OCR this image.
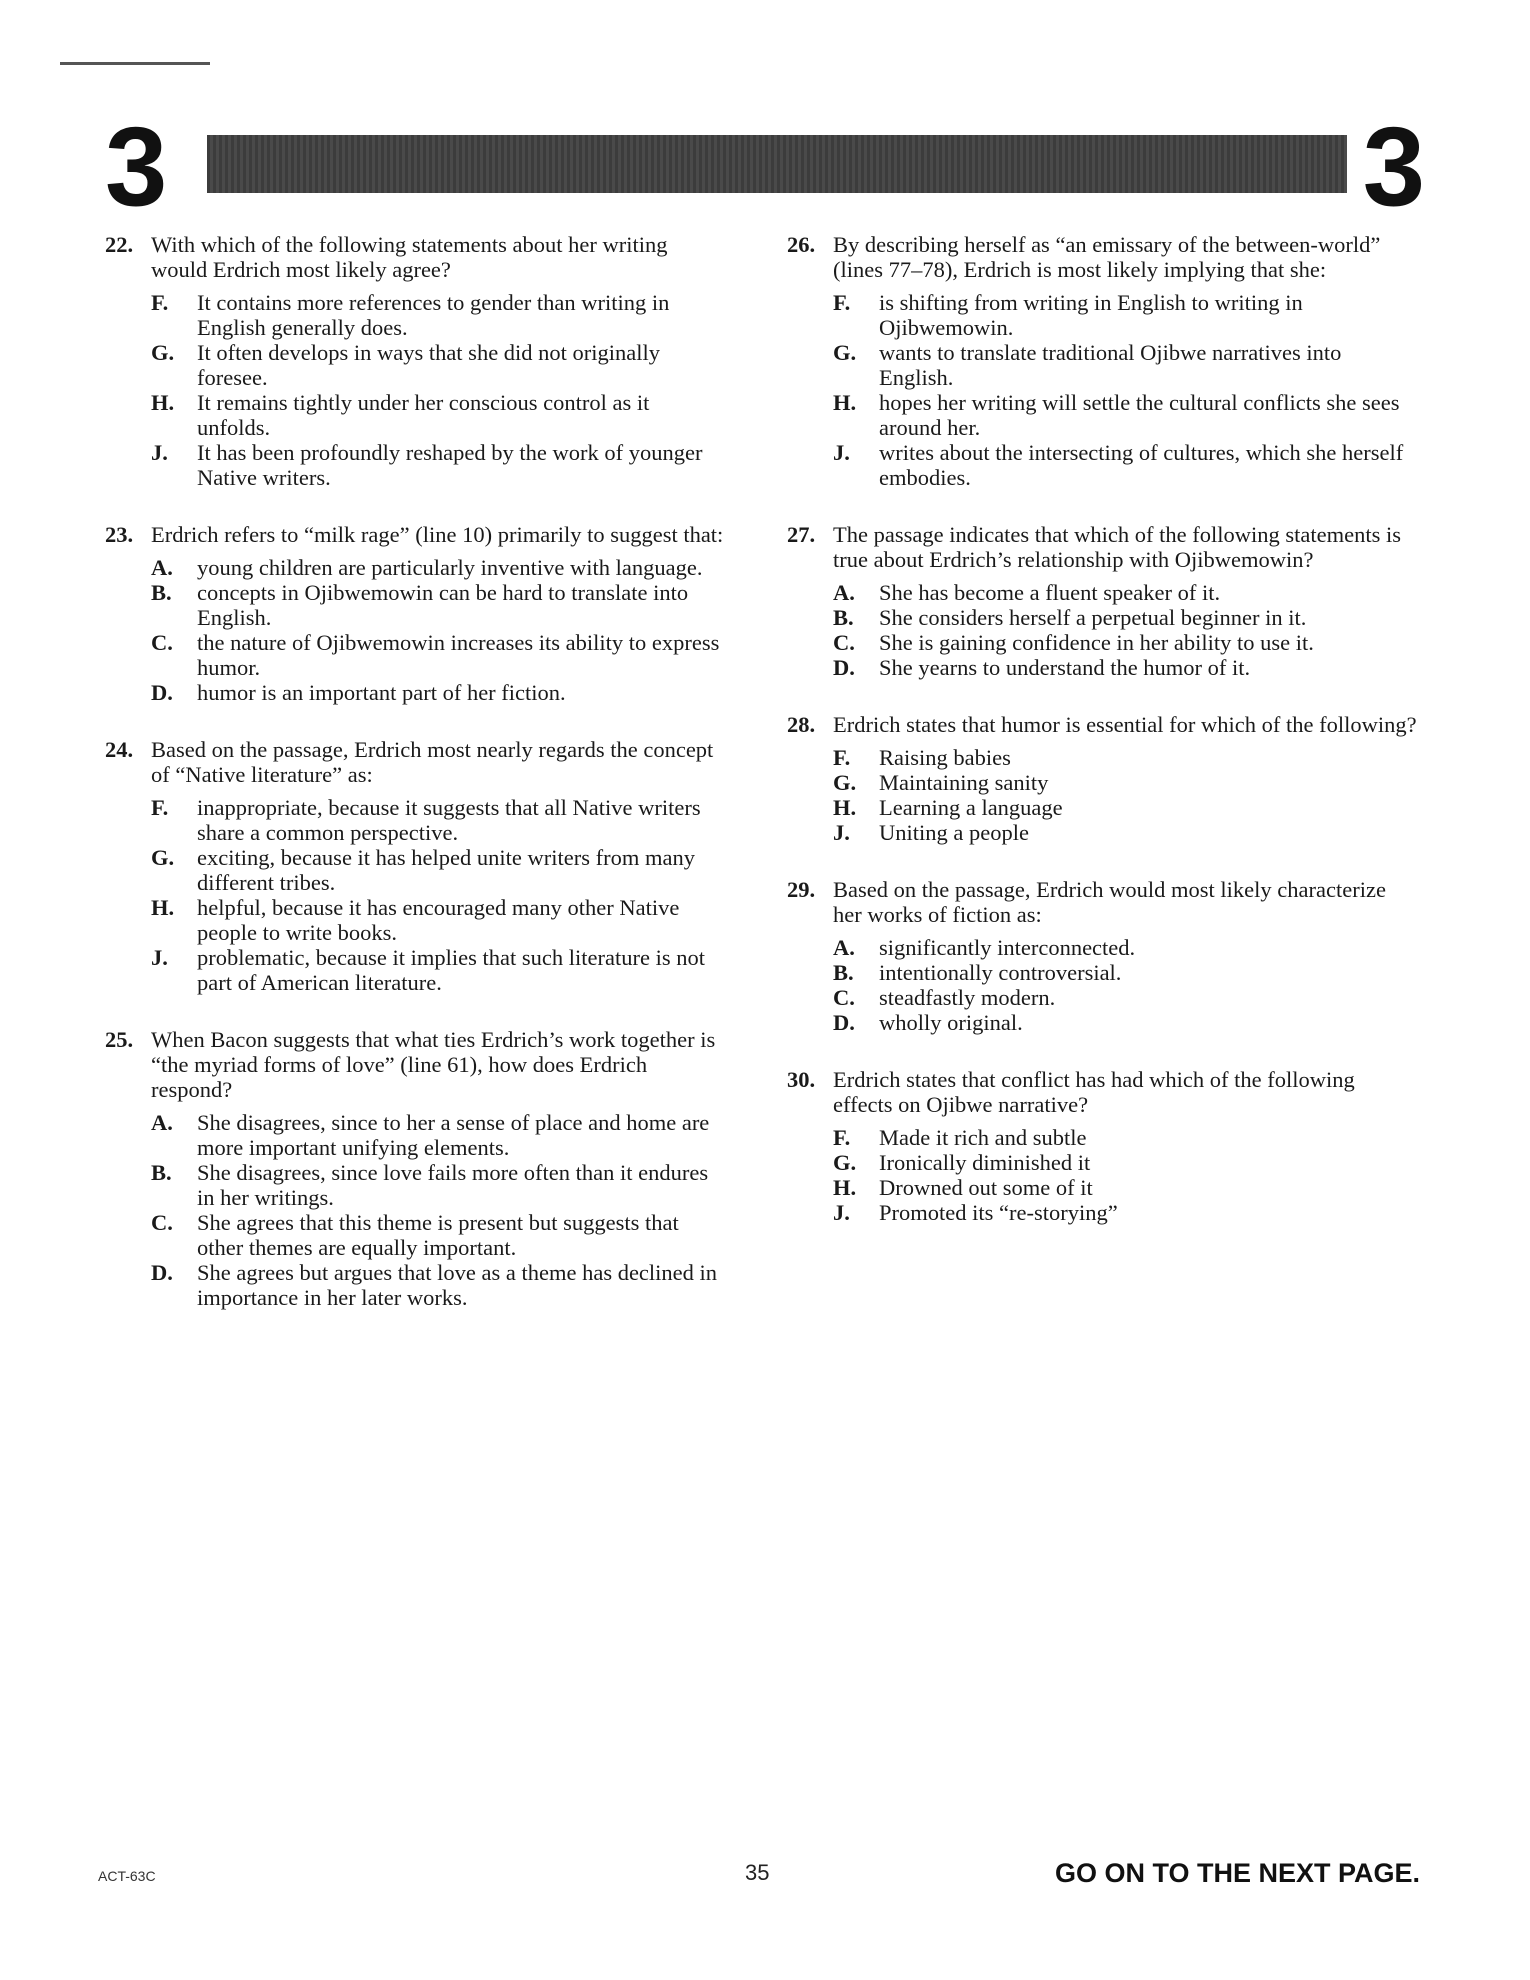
3	3
22. With which of the following statements about her writing would Erdrich most likely agree?
F.	It contains more references to gender than writing in English generally does.
G.	It often develops in ways that she did not originally foresee.
H.	It remains tightly under her conscious control as it unfolds.
J.	It has been profoundly reshaped by the work of younger Native writers.
23. Erdrich refers to “milk rage” (line 10) primarily to suggest that:
A.	young children are particularly inventive with language.
B.	concepts in Ojibwemowin can be hard to translate into English.
C.	the nature of Ojibwemowin increases its ability to express humor.
D.	humor is an important part of her fiction.
24. Based on the passage, Erdrich most nearly regards the concept of “Native literature” as:
F.	inappropriate, because it suggests that all Native writers share a common perspective.
G.	exciting, because it has helped unite writers from many different tribes.
H.	helpful, because it has encouraged many other Native people to write books.
J.	problematic, because it implies that such literature is not part of American literature.
25. When Bacon suggests that what ties Erdrich’s work together is “the myriad forms of love” (line 61), how does Erdrich respond?
A.	She disagrees, since to her a sense of place and home are more important unifying elements.
B.	She disagrees, since love fails more often than it endures in her writings.
C.	She agrees that this theme is present but suggests that other themes are equally important.
D.	She agrees but argues that love as a theme has declined in importance in her later works.
26. By describing herself as “an emissary of the between-world” (lines 77–78), Erdrich is most likely implying that she:
F.	is shifting from writing in English to writing in Ojibwemowin.
G.	wants to translate traditional Ojibwe narratives into English.
H.	hopes her writing will settle the cultural conflicts she sees around her.
J.	writes about the intersecting of cultures, which she herself embodies.
27. The passage indicates that which of the following statements is true about Erdrich’s relationship with Ojibwemowin?
A.	She has become a fluent speaker of it.
B.	She considers herself a perpetual beginner in it.
C.	She is gaining confidence in her ability to use it.
D.	She yearns to understand the humor of it.
28. Erdrich states that humor is essential for which of the following?
F.	Raising babies
G.	Maintaining sanity
H.	Learning a language
J.	Uniting a people
29. Based on the passage, Erdrich would most likely characterize her works of fiction as:
A.	significantly interconnected.
B.	intentionally controversial.
C.	steadfastly modern.
D.	wholly original.
30. Erdrich states that conflict has had which of the following effects on Ojibwe narrative?
F.	Made it rich and subtle
G.	Ironically diminished it
H.	Drowned out some of it
J.	Promoted its “re-storying”
ACT-63C	35	GO ON TO THE NEXT PAGE.
